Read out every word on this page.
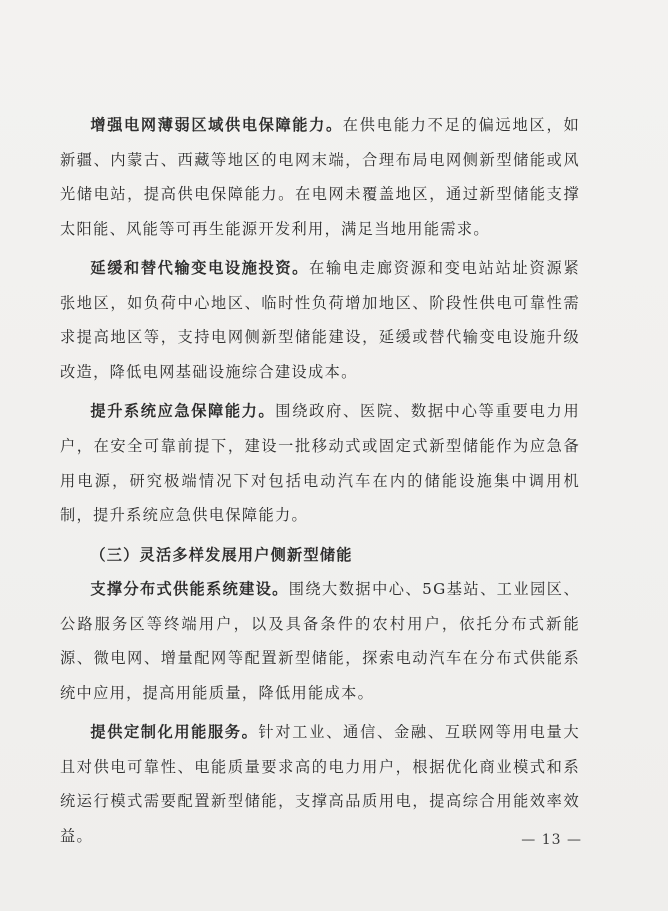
增强电网薄弱区域供电保障能力。在供电能力不足的偏远地区，如新疆、内蒙古、西藏等地区的电网末端，合理布局电网侧新型储能或风光储电站，提高供电保障能力。在电网未覆盖地区，通过新型储能支撑太阳能、风能等可再生能源开发利用，满足当地用能需求。

延缓和替代输变电设施投资。在输电走廊资源和变电站站址资源紧张地区，如负荷中心地区、临时性负荷增加地区、阶段性供电可靠性需求提高地区等，支持电网侧新型储能建设，延缓或替代输变电设施升级改造，降低电网基础设施综合建设成本。

提升系统应急保障能力。围绕政府、医院、数据中心等重要电力用户，在安全可靠前提下，建设一批移动式或固定式新型储能作为应急备用电源，研究极端情况下对包括电动汽车在内的储能设施集中调用机制，提升系统应急供电保障能力。

（三）灵活多样发展用户侧新型储能

支撑分布式供能系统建设。围绕大数据中心、5G基站、工业园区、公路服务区等终端用户，以及具备条件的农村用户，依托分布式新能源、微电网、增量配网等配置新型储能，探索电动汽车在分布式供能系统中应用，提高用能质量，降低用能成本。

提供定制化用能服务。针对工业、通信、金融、互联网等用电量大且对供电可靠性、电能质量要求高的电力用户，根据优化商业模式和系统运行模式需要配置新型储能，支撑高品质用电，提高综合用能效率效益。	— 13 —
